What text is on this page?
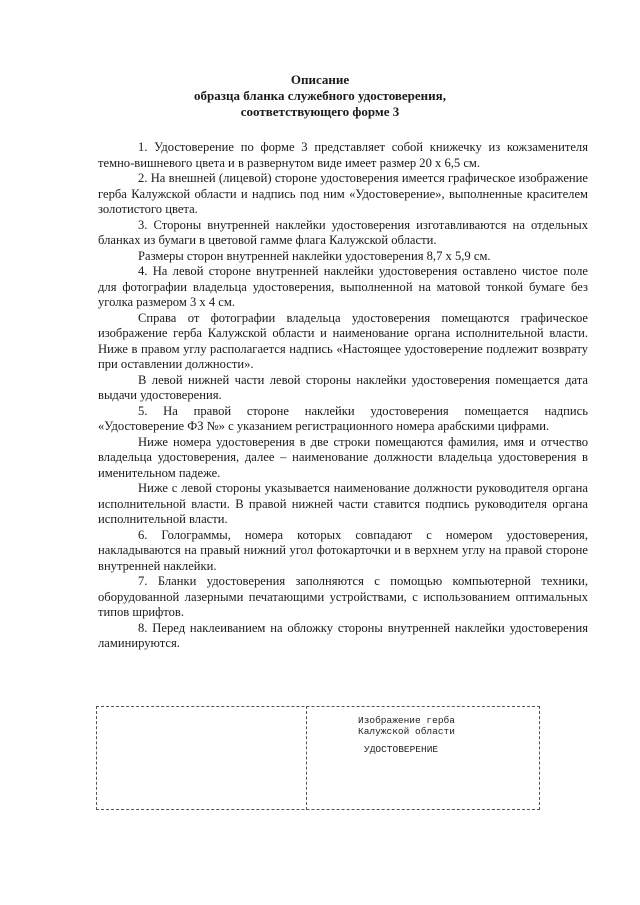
Описание
образца бланка служебного удостоверения,
соответствующего форме 3

1. Удостоверение по форме 3 представляет собой книжечку из кожзаменителя темно-вишневого цвета и в развернутом виде имеет размер 20 х 6,5 см.

2. На внешней (лицевой) стороне удостоверения имеется графическое изображение герба Калужской области и надпись под ним «Удостоверение», выполненные красителем золотистого цвета.

3. Стороны внутренней наклейки удостоверения изготавливаются на отдельных бланках из бумаги в цветовой гамме флага Калужской области.

Размеры сторон внутренней наклейки удостоверения 8,7 х 5,9 см.

4. На левой стороне внутренней наклейки удостоверения оставлено чистое поле для фотографии владельца удостоверения, выполненной на матовой тонкой бумаге без уголка размером 3 х 4 см.

Справа от фотографии владельца удостоверения помещаются графическое изображение герба Калужской области и наименование органа исполнительной власти. Ниже в правом углу располагается надпись «Настоящее удостоверение подлежит возврату при оставлении должности».

В левой нижней части левой стороны наклейки удостоверения помещается дата выдачи удостоверения.

5. На правой стороне наклейки удостоверения помещается надпись «Удостоверение ФЗ №» с указанием регистрационного номера арабскими цифрами.

Ниже номера удостоверения в две строки помещаются фамилия, имя и отчество владельца удостоверения, далее – наименование должности владельца удостоверения в именительном падеже.

Ниже с левой стороны указывается наименование должности руководителя органа исполнительной власти. В правой нижней части ставится подпись руководителя органа исполнительной власти.

6. Голограммы, номера которых совпадают с номером удостоверения, накладываются на правый нижний угол фотокарточки и в верхнем углу на правой стороне внутренней наклейки.

7. Бланки удостоверения заполняются с помощью компьютерной техники, оборудованной лазерными печатающими устройствами, с использованием оптимальных типов шрифтов.

8. Перед наклеиванием на обложку стороны внутренней наклейки удостоверения ламинируются.

Изображение герба
Калужской области
УДОСТОВЕРЕНИЕ
